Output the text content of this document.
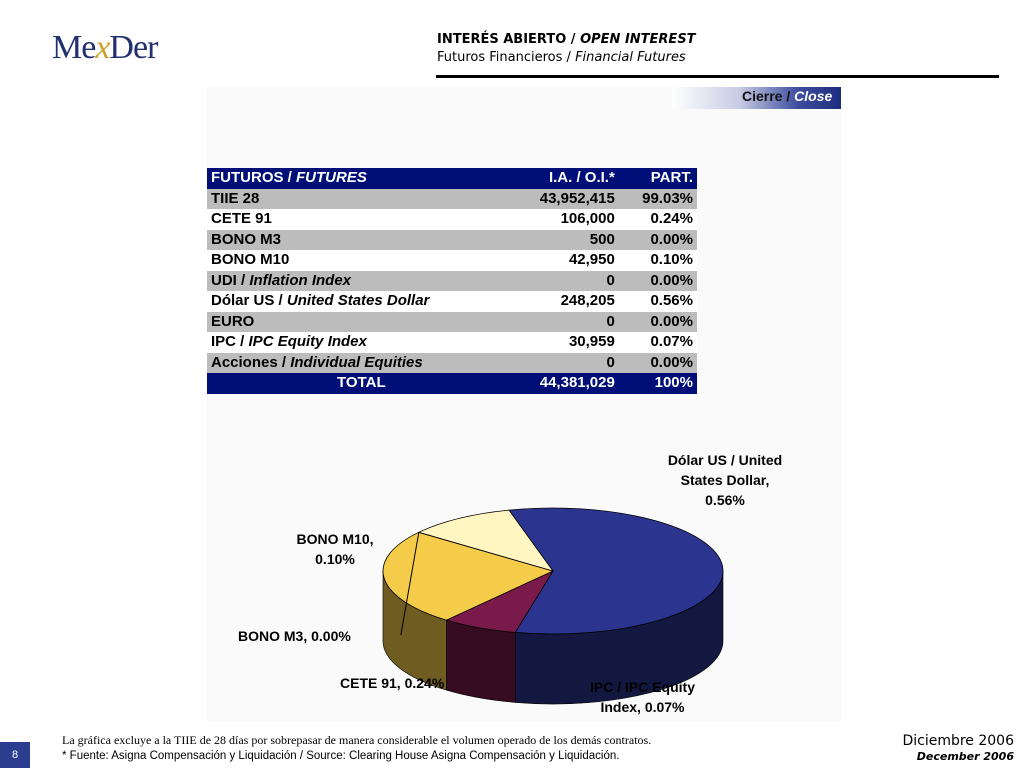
MexDer	INTERÉS ABIERTO / OPEN INTEREST
Futuros Financieros / Financial Futures
Cierre / Close
FUTUROS / FUTURES	I.A. / O.I.*	PART.
TIIE 28	43,952,415	99.03%
CETE 91	106,000	0.24%
BONO M3	500	0.00%
BONO M10	42,950	0.10%
UDI / Inflation Index	0	0.00%
Dólar US / United States Dollar	248,205	0.56%
EURO	0	0.00%
IPC / IPC Equity Index	30,959	0.07%
Acciones / Individual Equities	0	0.00%
TOTAL	44,381,029	100%
Dólar US / United
States Dollar,
0.56%
BONO M10,
0.10%
BONO M3, 0.00%
CETE 91, 0.24%	IPC / IPC Equity
Index, 0.07%
8
La gráfica excluye a la TIIE de 28 días por sobrepasar de manera considerable el volumen operado de los demás contratos.
* Fuente: Asigna Compensación y Liquidación / Source: Clearing House Asigna Compensación y Liquidación.
Diciembre 2006
December 2006
